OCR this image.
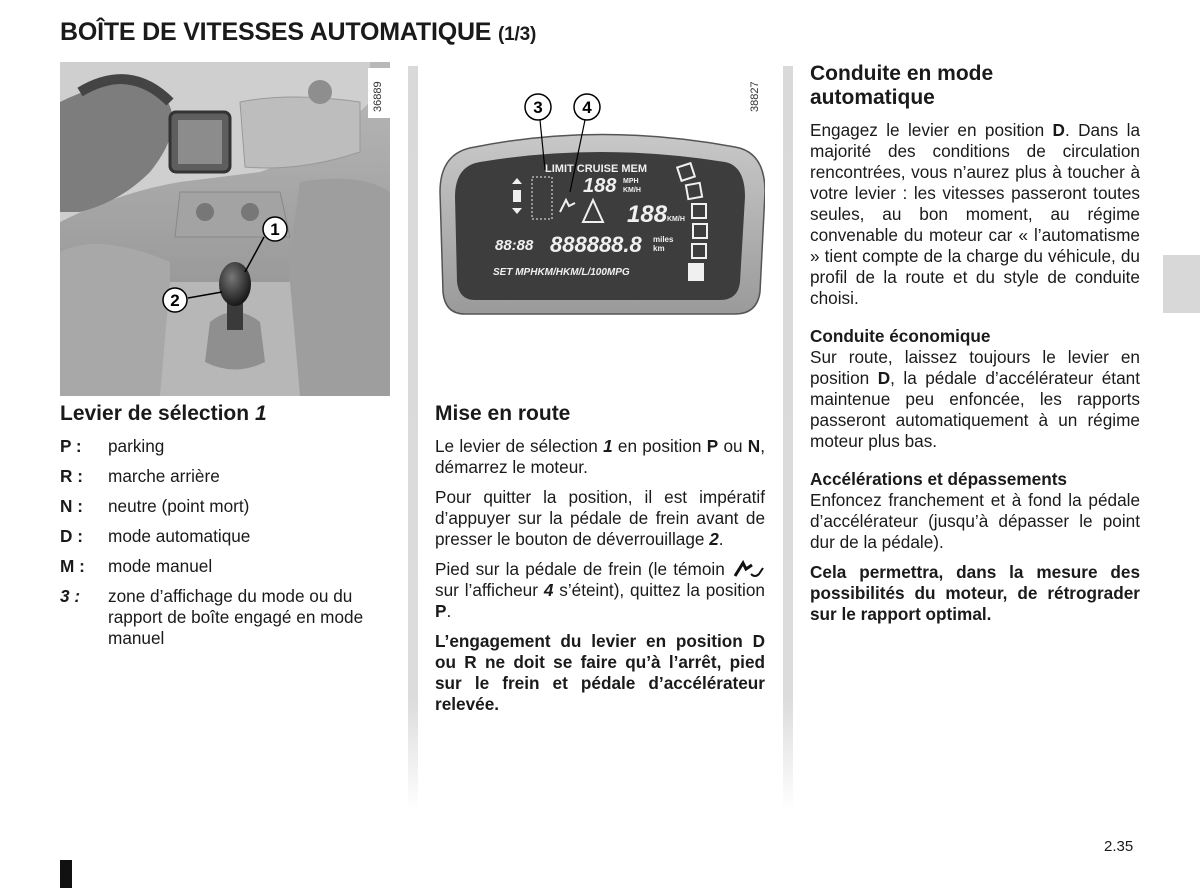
BOÎTE DE VITESSES AUTOMATIQUE (1/3)
1
2
36889
Levier de sélection 1
P :	parking
R :	marche arrière
N :	neutre (point mort)
D :	mode automatique
M :	mode manuel
3 :	zone d’affichage du mode ou du rapport de boîte engagé en mode manuel
3 4
LIMIT CRUISE MEM
188 MPH
KM/H
188 KM/H
88:88 888888.8 miles
km
SET MPHKM/HKM/L/100MPG
38827
Mise en route

Le levier de sélection 1 en position P ou N, démarrez le moteur.

Pour quitter la position, il est impératif d’appuyer sur la pédale de frein avant de presser le bouton de déverrouillage 2.

Pied sur la pédale de frein (le témoin  sur l’afficheur 4 s’éteint), quittez la position P.

L’engagement du levier en position D ou R ne doit se faire qu’à l’arrêt, pied sur le frein et pédale d’accélérateur relevée.

Conduite en mode automatique

Engagez le levier en position D. Dans la majorité des conditions de circulation rencontrées, vous n’aurez plus à toucher à votre levier : les vitesses passeront toutes seules, au bon moment, au régime convenable du moteur car « l’automatisme » tient compte de la charge du véhicule, du profil de la route et du style de conduite choisi.

Conduite économique

Sur route, laissez toujours le levier en position D, la pédale d’accélérateur étant maintenue peu enfoncée, les rapports passeront automatiquement à un régime moteur plus bas.

Accélérations et dépassements

Enfoncez franchement et à fond la pédale d’accélérateur (jusqu’à dépasser le point dur de la pédale).

Cela permettra, dans la mesure des possibilités du moteur, de rétrograder sur le rapport optimal.

2.35
